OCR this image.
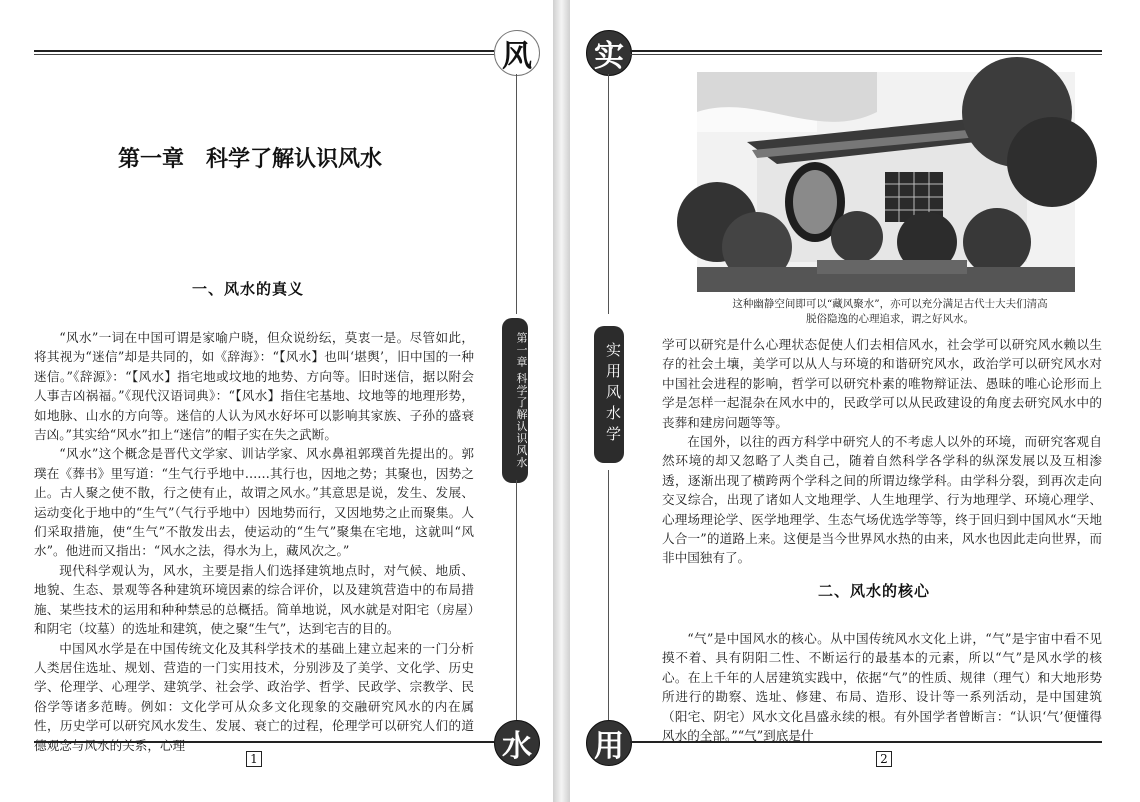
风
第一章 科学了解认识风水
第一章　科学了解认识风水
一、风水的真义

“风水”一词在中国可谓是家喻户晓，但众说纷纭，莫衷一是。尽管如此，将其视为“迷信”却是共同的，如《辞海》：“【风水】也叫‘堪舆’，旧中国的一种迷信。”《辞源》：“【风水】指宅地或坟地的地势、方向等。旧时迷信，据以附会人事吉凶祸福。”《现代汉语词典》：“【风水】指住宅基地、坟地等的地理形势，如地脉、山水的方向等。迷信的人认为风水好坏可以影响其家族、子孙的盛衰吉凶。”其实给“风水”扣上“迷信”的帽子实在失之武断。

“风水”这个概念是晋代文学家、训诂学家、风水鼻祖郭璞首先提出的。郭璞在《葬书》里写道：“生气行乎地中……其行也，因地之势；其聚也，因势之止。古人聚之使不散，行之使有止，故谓之风水。”其意思是说，发生、发展、运动变化于地中的“生气”（气行乎地中）因地势而行，又因地势之止而聚集。人们采取措施，使“生气”不散发出去，使运动的“生气”聚集在宅地，这就叫“风水”。他进而又指出：“风水之法，得水为上，藏风次之。”

现代科学观认为，风水，主要是指人们选择建筑地点时，对气候、地质、地貌、生态、景观等各种建筑环境因素的综合评价，以及建筑营造中的布局措施、某些技术的运用和种种禁忌的总概括。简单地说，风水就是对阳宅（房屋）和阴宅（坟墓）的选址和建筑，使之聚“生气”，达到宅吉的目的。

中国风水学是在中国传统文化及其科学技术的基础上建立起来的一门分析人类居住选址、规划、营造的一门实用技术，分别涉及了美学、文化学、历史学、伦理学、心理学、建筑学、社会学、政治学、哲学、民政学、宗教学、民俗学等诸多范畴。例如：文化学可从众多文化现象的交融研究风水的内在属性，历史学可以研究风水发生、发展、衰亡的过程，伦理学可以研究人们的道德观念与风水的关系，心理	水
1
实
实用风水学
这种幽静空间即可以“藏风聚水”，亦可以充分满足古代士大夫们清高
脱俗隐逸的心理追求，谓之好风水。

学可以研究是什么心理状态促使人们去相信风水，社会学可以研究风水赖以生存的社会土壤，美学可以从人与环境的和谐研究风水，政治学可以研究风水对中国社会进程的影响，哲学可以研究朴素的唯物辩证法、愚昧的唯心论形而上学是怎样一起混杂在风水中的，民政学可以从民政建设的角度去研究风水中的丧葬和建房问题等等。

在国外，以往的西方科学中研究人的不考虑人以外的环境，而研究客观自然环境的却又忽略了人类自己，随着自然科学各学科的纵深发展以及互相渗透，逐渐出现了横跨两个学科之间的所谓边缘学科。由学科分裂，到再次走向交叉综合，出现了诸如人文地理学、人生地理学、行为地理学、环境心理学、心理场理论学、医学地理学、生态气场优选学等等，终于回归到中国风水“天地人合一”的道路上来。这便是当今世界风水热的由来，风水也因此走向世界，而非中国独有了。

二、风水的核心

“气”是中国风水的核心。从中国传统风水文化上讲，“气”是宇宙中看不见摸不着、具有阴阳二性、不断运行的最基本的元素，所以“气”是风水学的核心。在上千年的人居建筑实践中，依据“气”的性质、规律（理气）和大地形势所进行的勘察、选址、修建、布局、造形、设计等一系列活动，是中国建筑（阳宅、阴宅）风水文化昌盛永续的根。有外国学者曾断言：“认识‘气’便懂得风水的全部。”“气”到底是什

用	2
